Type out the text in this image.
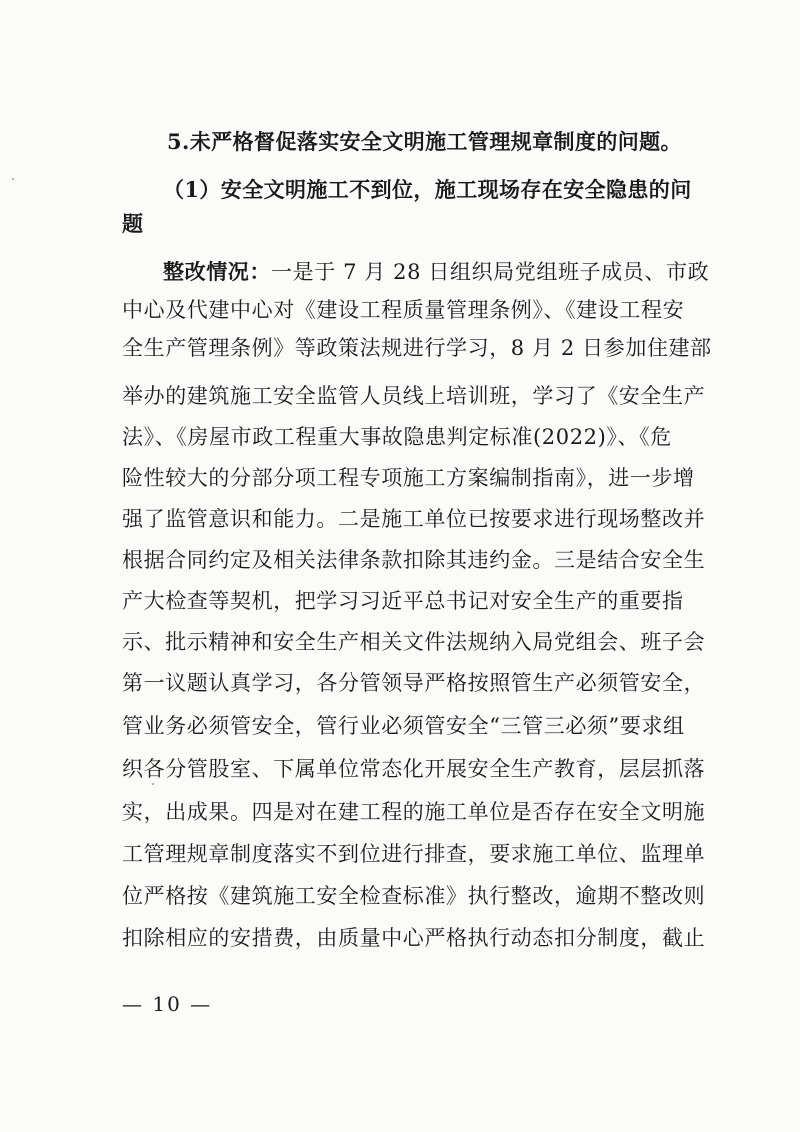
5.未严格督促落实安全文明施工管理规章制度的问题。
（1）安全文明施工不到位，施工现场存在安全隐患的问
题
整改情况：一是于 7 月 28 日组织局党组班子成员、市政
中心及代建中心对《建设工程质量管理条例》、《建设工程安
全生产管理条例》等政策法规进行学习，8 月 2 日参加住建部
举办的建筑施工安全监管人员线上培训班，学习了《安全生产
法》、《房屋市政工程重大事故隐患判定标准(2022)》、《危
险性较大的分部分项工程专项施工方案编制指南》，进一步增
强了监管意识和能力。二是施工单位已按要求进行现场整改并
根据合同约定及相关法律条款扣除其违约金。三是结合安全生
产大检查等契机，把学习习近平总书记对安全生产的重要指
示、批示精神和安全生产相关文件法规纳入局党组会、班子会
第一议题认真学习，各分管领导严格按照管生产必须管安全，
管业务必须管安全，管行业必须管安全“三管三必须”要求组
织各分管股室、下属单位常态化开展安全生产教育，层层抓落
实，出成果。四是对在建工程的施工单位是否存在安全文明施
工管理规章制度落实不到位进行排查，要求施工单位、监理单
位严格按《建筑施工安全检查标准》执行整改，逾期不整改则
扣除相应的安措费，由质量中心严格执行动态扣分制度，截止
— 10 —
